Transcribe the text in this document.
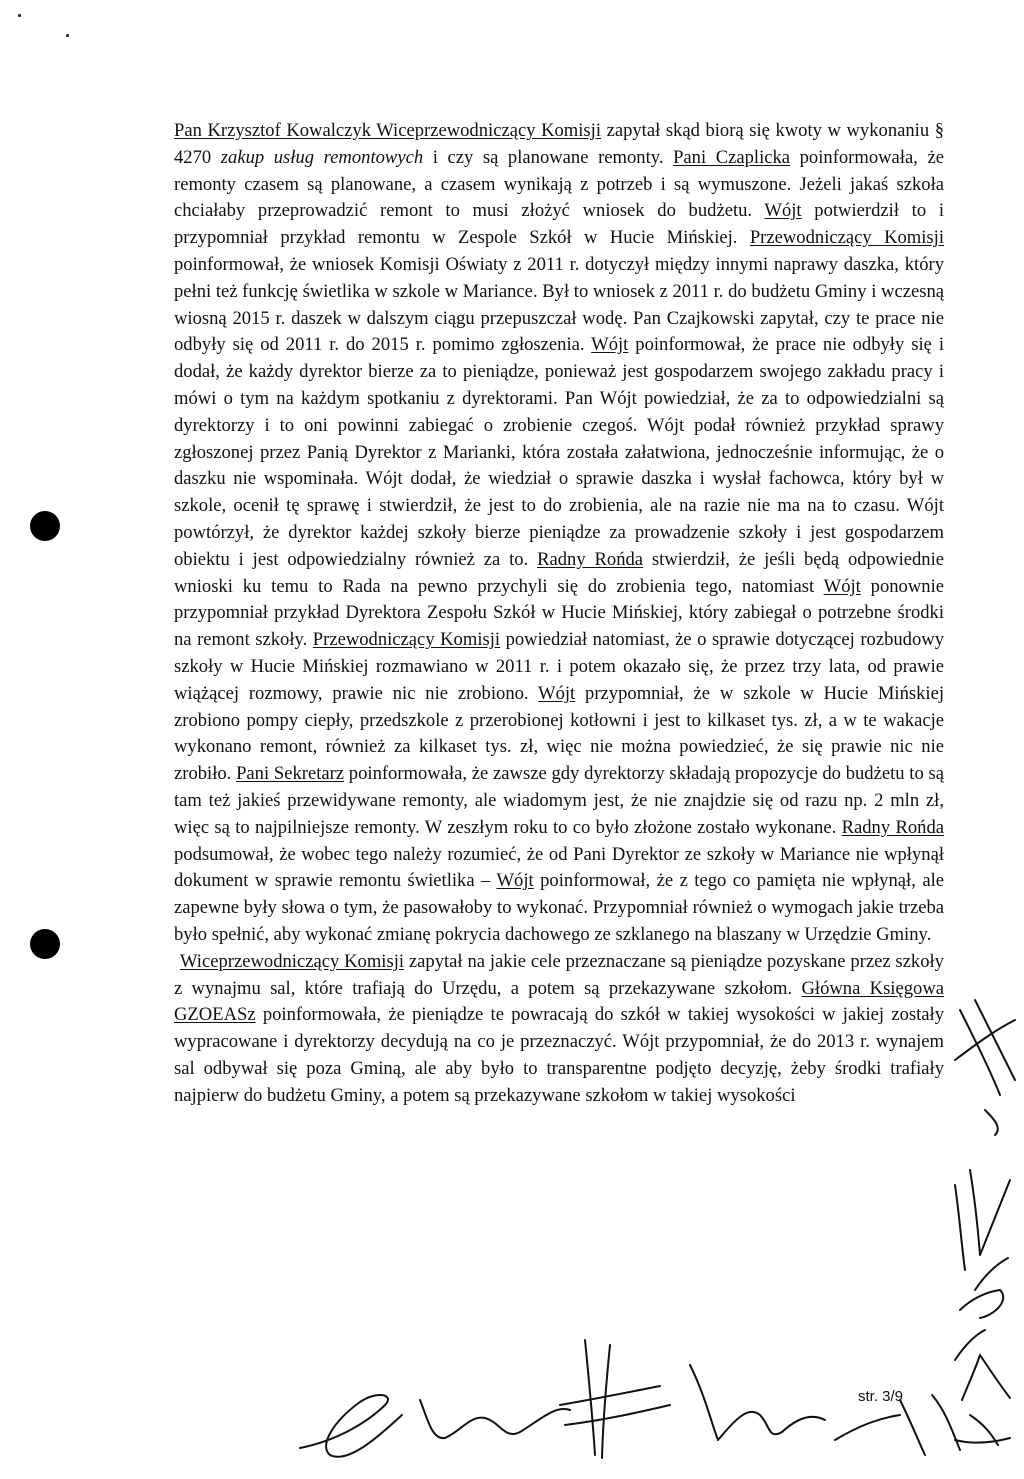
Pan Krzysztof Kowalczyk Wiceprzewodniczący Komisji zapytał skąd biorą się kwoty w wykonaniu § 4270 zakup usług remontowych i czy są planowane remonty. Pani Czaplicka poinformowała, że remonty czasem są planowane, a czasem wynikają z potrzeb i są wymuszone. Jeżeli jakaś szkoła chciałaby przeprowadzić remont to musi złożyć wniosek do budżetu. Wójt potwierdził to i przypomniał przykład remontu w Zespole Szkół w Hucie Mińskiej. Przewodniczący Komisji poinformował, że wniosek Komisji Oświaty z 2011 r. dotyczył między innymi naprawy daszka, który pełni też funkcję świetlika w szkole w Mariance. Był to wniosek z 2011 r. do budżetu Gminy i wczesną wiosną 2015 r. daszek w dalszym ciągu przepuszczał wodę. Pan Czajkowski zapytał, czy te prace nie odbyły się od 2011 r. do 2015 r. pomimo zgłoszenia. Wójt poinformował, że prace nie odbyły się i dodał, że każdy dyrektor bierze za to pieniądze, ponieważ jest gospodarzem swojego zakładu pracy i mówi o tym na każdym spotkaniu z dyrektorami. Pan Wójt powiedział, że za to odpowiedzialni są dyrektorzy i to oni powinni zabiegać o zrobienie czegoś. Wójt podał również przykład sprawy zgłoszonej przez Panią Dyrektor z Marianki, która została załatwiona, jednocześnie informując, że o daszku nie wspominała. Wójt dodał, że wiedział o sprawie daszka i wysłał fachowca, który był w szkole, ocenił tę sprawę i stwierdził, że jest to do zrobienia, ale na razie nie ma na to czasu. Wójt powtórzył, że dyrektor każdej szkoły bierze pieniądze za prowadzenie szkoły i jest gospodarzem obiektu i jest odpowiedzialny również za to. Radny Rońda stwierdził, że jeśli będą odpowiednie wnioski ku temu to Rada na pewno przychyli się do zrobienia tego, natomiast Wójt ponownie przypomniał przykład Dyrektora Zespołu Szkół w Hucie Mińskiej, który zabiegał o potrzebne środki na remont szkoły. Przewodniczący Komisji powiedział natomiast, że o sprawie dotyczącej rozbudowy szkoły w Hucie Mińskiej rozmawiano w 2011 r. i potem okazało się, że przez trzy lata, od prawie wiążącej rozmowy, prawie nic nie zrobiono. Wójt przypomniał, że w szkole w Hucie Mińskiej zrobiono pompy ciepły, przedszkole z przerobionej kotłowni i jest to kilkaset tys. zł, a w te wakacje wykonano remont, również za kilkaset tys. zł, więc nie można powiedzieć, że się prawie nic nie zrobiło. Pani Sekretarz poinformowała, że zawsze gdy dyrektorzy składają propozycje do budżetu to są tam też jakieś przewidywane remonty, ale wiadomym jest, że nie znajdzie się od razu np. 2 mln zł, więc są to najpilniejsze remonty. W zeszłym roku to co było złożone zostało wykonane. Radny Rońda podsumował, że wobec tego należy rozumieć, że od Pani Dyrektor ze szkoły w Mariance nie wpłynął dokument w sprawie remontu świetlika – Wójt poinformował, że z tego co pamięta nie wpłynął, ale zapewne były słowa o tym, że pasowałoby to wykonać. Przypomniał również o wymogach jakie trzeba było spełnić, aby wykonać zmianę pokrycia dachowego ze szklanego na blaszany w Urzędzie Gminy.

Wiceprzewodniczący Komisji zapytał na jakie cele przeznaczane są pieniądze pozyskane przez szkoły z wynajmu sal, które trafiają do Urzędu, a potem są przekazywane szkołom. Główna Księgowa GZOEASz poinformowała, że pieniądze te powracają do szkół w takiej wysokości w jakiej zostały wypracowane i dyrektorzy decydują na co je przeznaczyć. Wójt przypomniał, że do 2013 r. wynajem sal odbywał się poza Gminą, ale aby było to transparentne podjęto decyzję, żeby środki trafiały najpierw do budżetu Gminy, a potem są przekazywane szkołom w takiej wysokości

str. 3/9
